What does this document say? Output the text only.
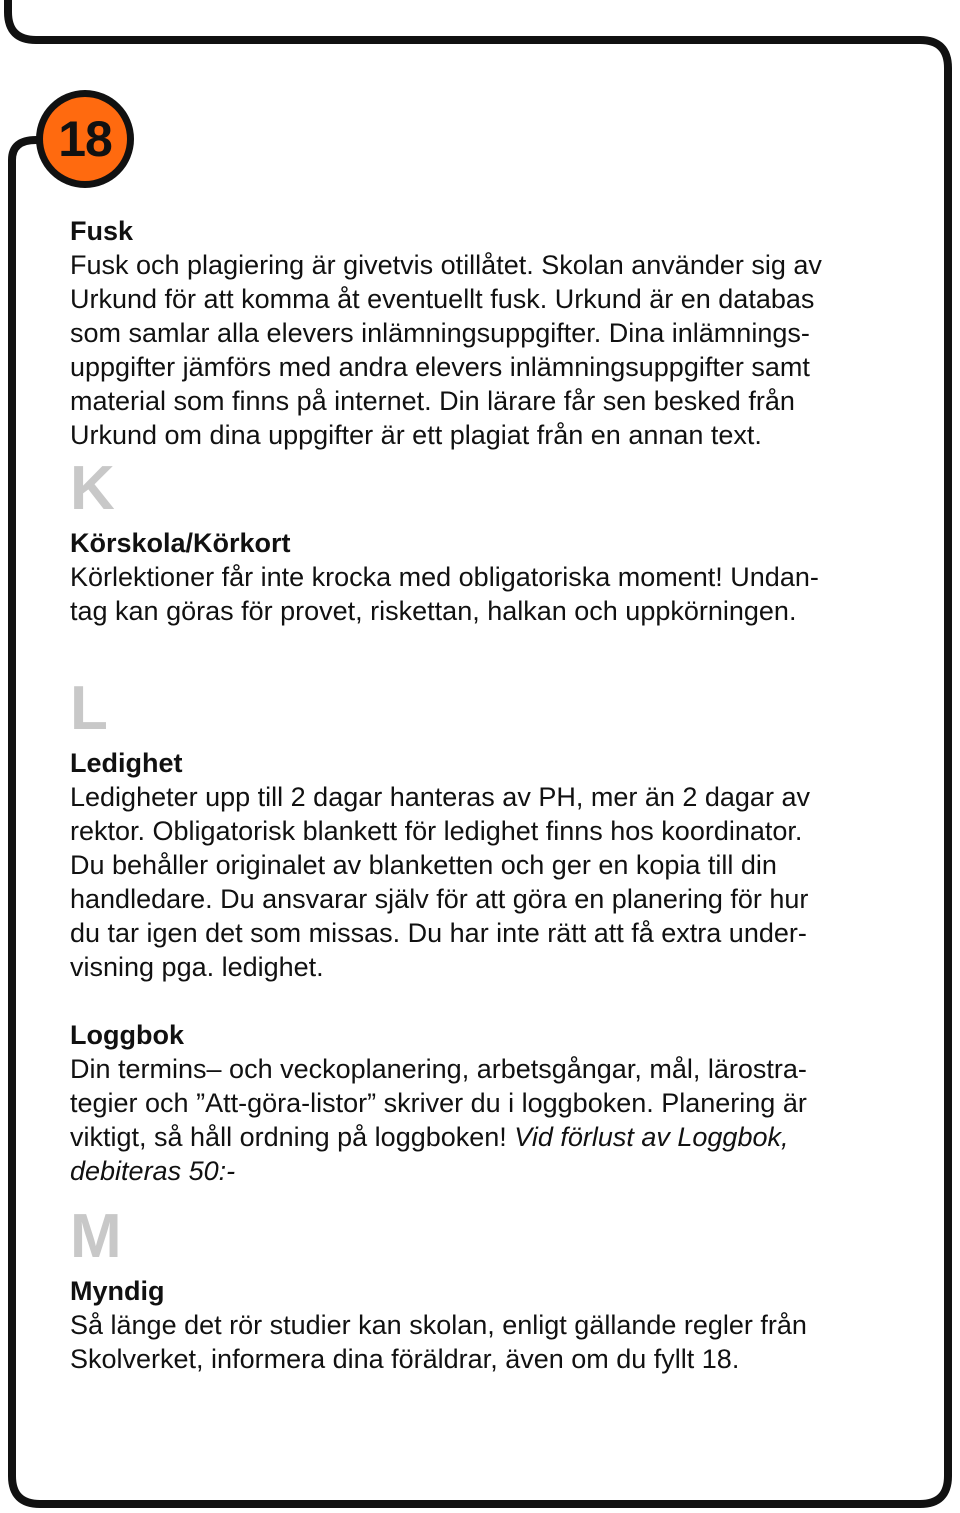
18

Fusk

Fusk och plagiering är givetvis otillåtet. Skolan använder sig av
Urkund för att komma åt eventuellt fusk. Urkund är en databas
som samlar alla elevers inlämningsuppgifter. Dina inlämnings-
uppgifter jämförs med andra elevers inlämningsuppgifter samt
material som finns på internet. Din lärare får sen besked från
Urkund om dina uppgifter är ett plagiat från en annan text.

K

Körskola/Körkort

Körlektioner får inte krocka med obligatoriska moment! Undan-
tag kan göras för provet, riskettan, halkan och uppkörningen.

L

Ledighet

Ledigheter upp till 2 dagar hanteras av PH, mer än 2 dagar av
rektor. Obligatorisk blankett för ledighet finns hos koordinator.
Du behåller originalet av blanketten och ger en kopia till din
handledare. Du ansvarar själv för att göra en planering för hur
du tar igen det som missas. Du har inte rätt att få extra under-
visning pga. ledighet.

Loggbok

Din termins– och veckoplanering, arbetsgångar, mål, lärostra-
tegier och ”Att-göra-listor” skriver du i loggboken. Planering är
viktigt, så håll ordning på loggboken! Vid förlust av Loggbok,
debiteras 50:-

M

Myndig

Så länge det rör studier kan skolan, enligt gällande regler från
Skolverket, informera dina föräldrar, även om du fyllt 18.
